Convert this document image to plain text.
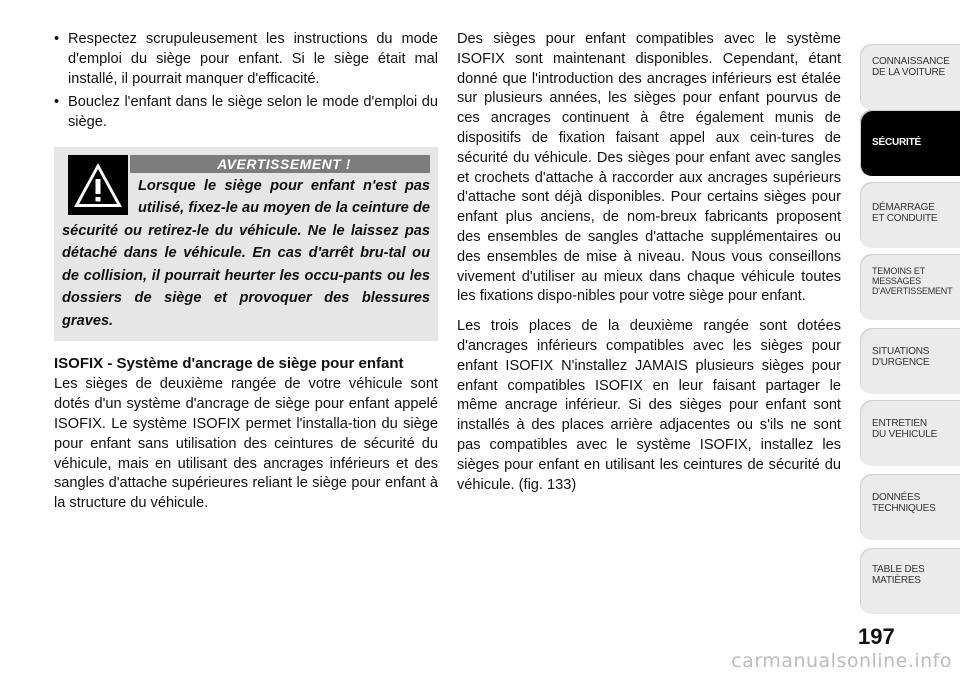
• Respectez scrupuleusement les instructions du mode d'emploi du siège pour enfant. Si le siège était mal installé, il pourrait manquer d'efficacité.
• Bouclez l'enfant dans le siège selon le mode d'emploi du siège.
AVERTISSEMENT !
Lorsque le siège pour enfant n'est pas utilisé, fixez-le au moyen de la ceinture de sécurité ou retirez-le du véhicule. Ne le laissez pas détaché dans le véhicule. En cas d'arrêt bru-tal ou de collision, il pourrait heurter les occu-pants ou les dossiers de siège et provoquer des blessures graves.
ISOFIX - Système d'ancrage de siège pour enfant

Les sièges de deuxième rangée de votre véhicule sont dotés d'un système d'ancrage de siège pour enfant appelé ISOFIX. Le système ISOFIX permet l'installa-tion du siège pour enfant sans utilisation des ceintures de sécurité du véhicule, mais en utilisant des ancrages inférieurs et des sangles d'attache supérieures reliant le siège pour enfant à la structure du véhicule.

Des sièges pour enfant compatibles avec le système ISOFIX sont maintenant disponibles. Cependant, étant donné que l'introduction des ancrages inférieurs est étalée sur plusieurs années, les sièges pour enfant pourvus de ces ancrages continuent à être également munis de dispositifs de fixation faisant appel aux cein-tures de sécurité du véhicule. Des sièges pour enfant avec sangles et crochets d'attache à raccorder aux ancrages supérieurs d'attache sont déjà disponibles. Pour certains sièges pour enfant plus anciens, de nom-breux fabricants proposent des ensembles de sangles d'attache supplémentaires ou des ensembles de mise à niveau. Nous vous conseillons vivement d'utiliser au mieux dans chaque véhicule toutes les fixations dispo-nibles pour votre siège pour enfant.

Les trois places de la deuxième rangée sont dotées d'ancrages inférieurs compatibles avec les sièges pour enfant ISOFIX N'installez JAMAIS plusieurs sièges pour enfant compatibles ISOFIX en leur faisant partager le même ancrage inférieur. Si des sièges pour enfant sont installés à des places arrière adjacentes ou s'ils ne sont pas compatibles avec le système ISOFIX, installez les sièges pour enfant en utilisant les ceintures de sécurité du véhicule. (fig. 133)

CONNAISSANCE
DE LA VOITURE
SÉCURITÉ
DÉMARRAGE
ET CONDUITE
TEMOINS ET
MESSAGES
D'AVERTISSEMENT
SITUATIONS
D'URGENCE
ENTRETIEN
DU VEHICULE
DONNÉES
TECHNIQUES
TABLE DES
MATIÈRES
197
carmanualsonline.info
